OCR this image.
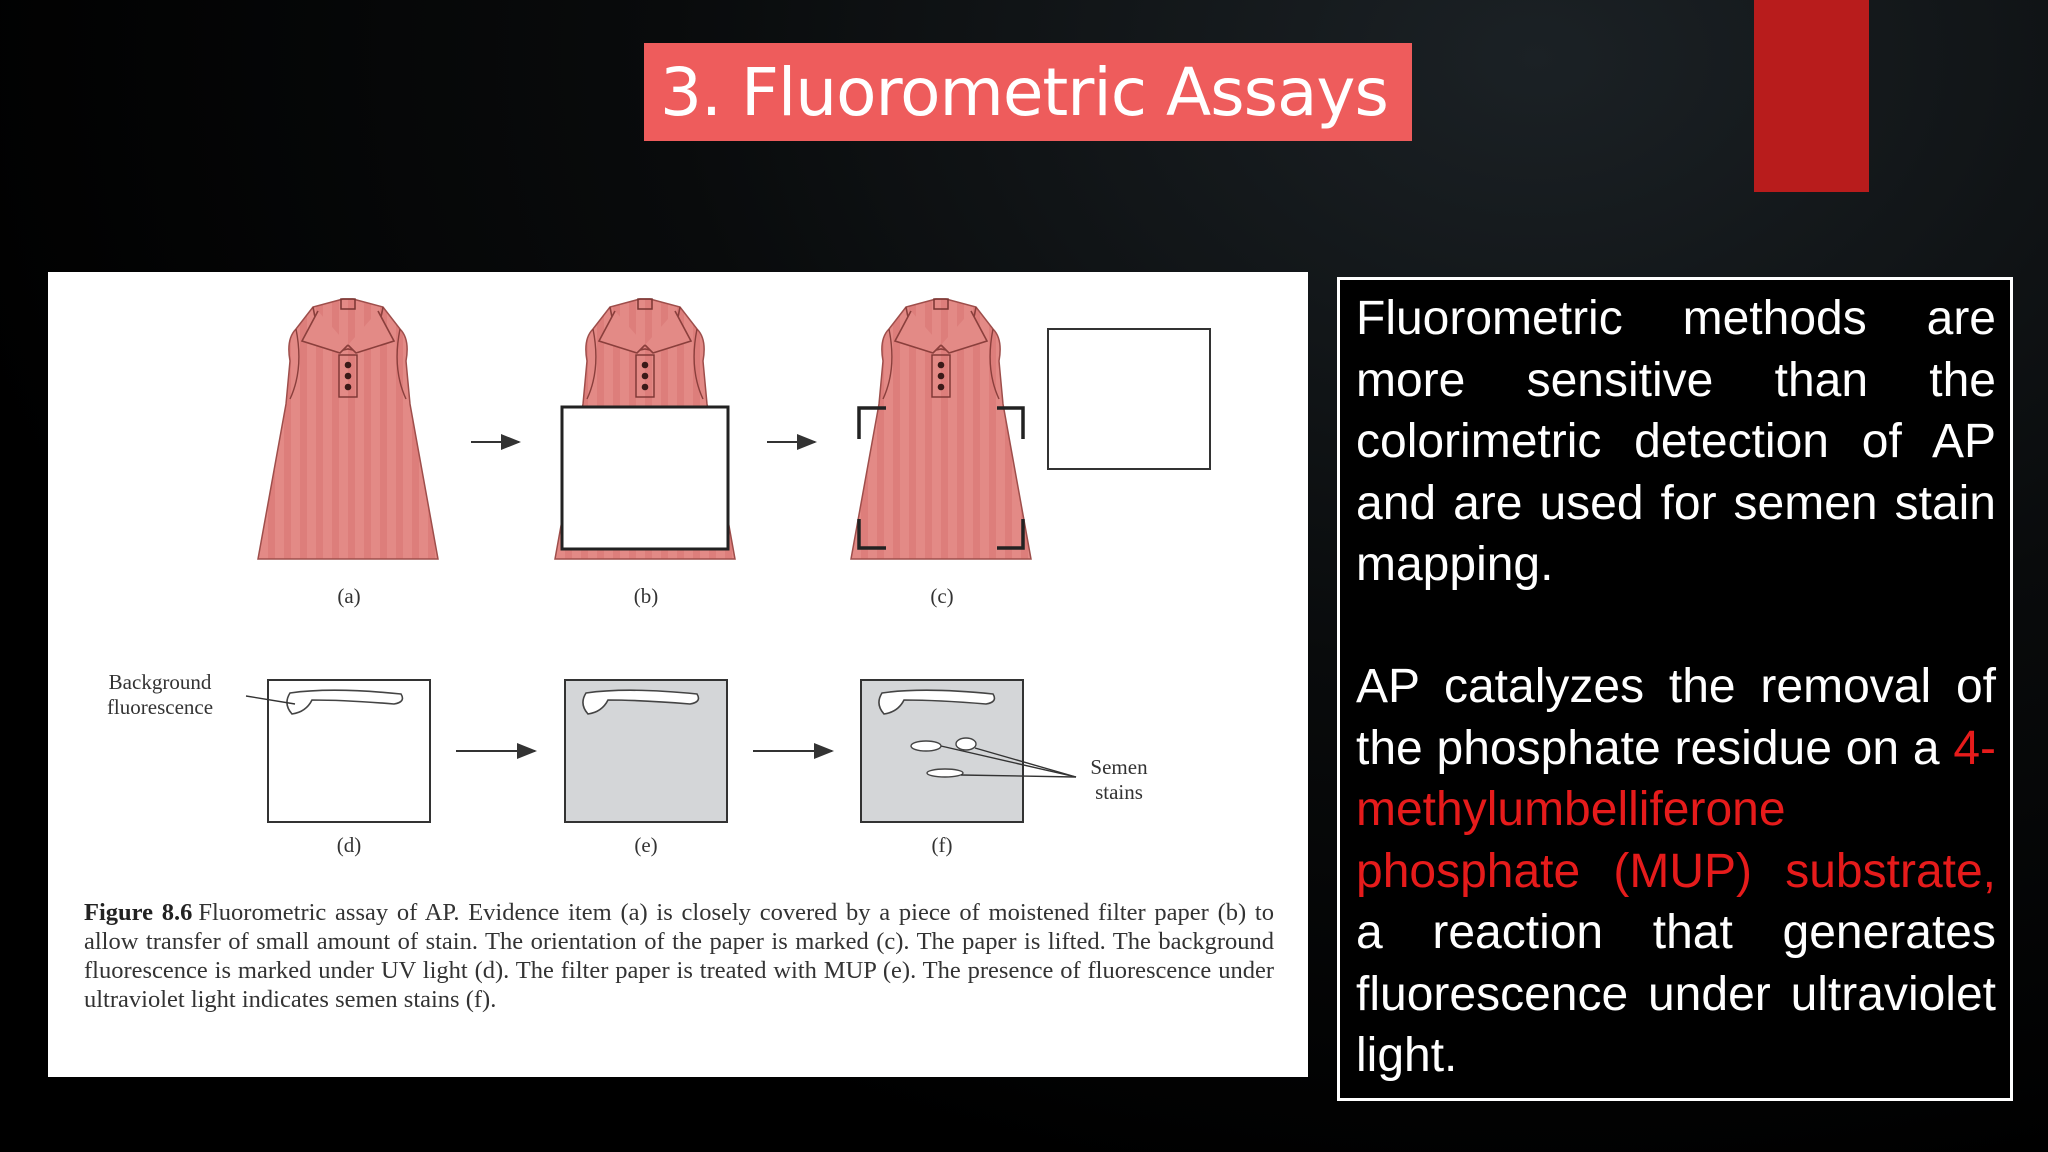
3. Fluorometric Assays
(a)	(b)	(c)
Background
fluorescence
Semen
stains
(d)	(e)	(f)
Figure 8.6 Fluorometric assay of AP. Evidence item (a) is closely covered by a piece of moistened filter paper (b) to allow transfer of small amount of stain. The orientation of the paper is marked (c). The paper is lifted. The background fluorescence is marked under UV light (d). The filter paper is treated with MUP (e). The presence of fluorescence under ultraviolet light indicates semen stains (f).
Fluorometric methods are more sensitive than the colorimetric detection of AP and are used for semen stain mapping.
AP catalyzes the removal of the phosphate residue on a 4-methylumbelliferone phosphate (MUP) substrate, a reaction that generates fluorescence under ultraviolet light.
